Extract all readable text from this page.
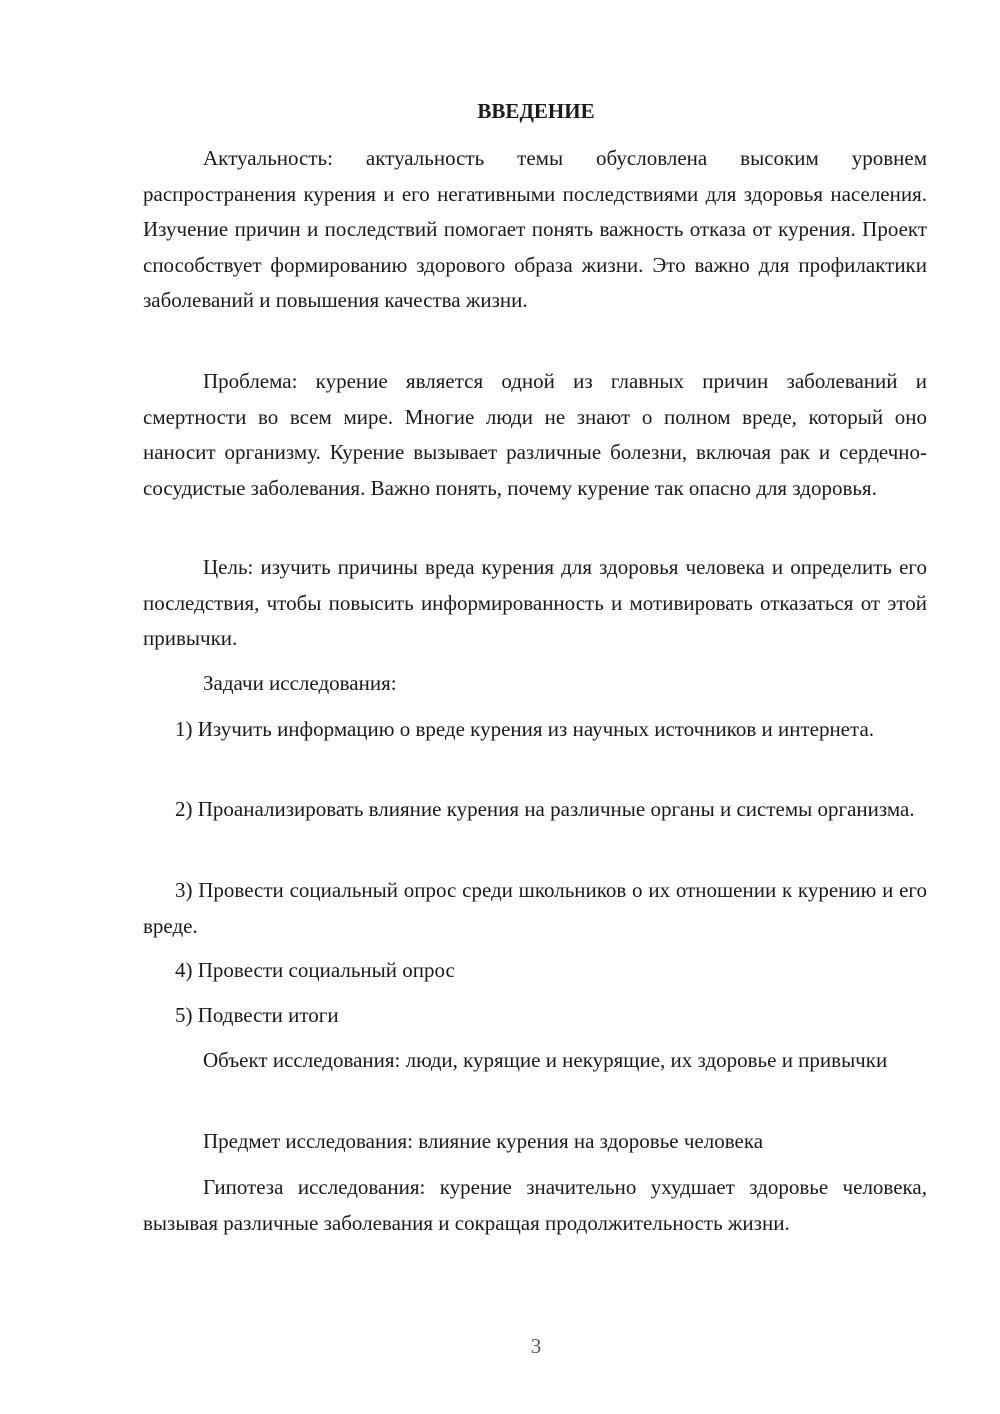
ВВЕДЕНИЕ

Актуальность: актуальность темы обусловлена высоким уровнем распространения курения и его негативными последствиями для здоровья населения. Изучение причин и последствий помогает понять важность отказа от курения. Проект способствует формированию здорового образа жизни. Это важно для профилактики заболеваний и повышения качества жизни.

Проблема: курение является одной из главных причин заболеваний и смертности во всем мире. Многие люди не знают о полном вреде, который оно наносит организму. Курение вызывает различные болезни, включая рак и сердечно-сосудистые заболевания. Важно понять, почему курение так опасно для здоровья.

Цель: изучить причины вреда курения для здоровья человека и определить его последствия, чтобы повысить информированность и мотивировать отказаться от этой привычки.

Задачи исследования:

1) Изучить информацию о вреде курения из научных источников и интернета.

2) Проанализировать влияние курения на различные органы и системы организма.

3) Провести социальный опрос среди школьников о их отношении к курению и его вреде.

4) Провести социальный опрос

5) Подвести итоги

Объект исследования: люди, курящие и некурящие, их здоровье и привычки

Предмет исследования: влияние курения на здоровье человека

Гипотеза исследования: курение значительно ухудшает здоровье человека, вызывая различные заболевания и сокращая продолжительность жизни.

3
